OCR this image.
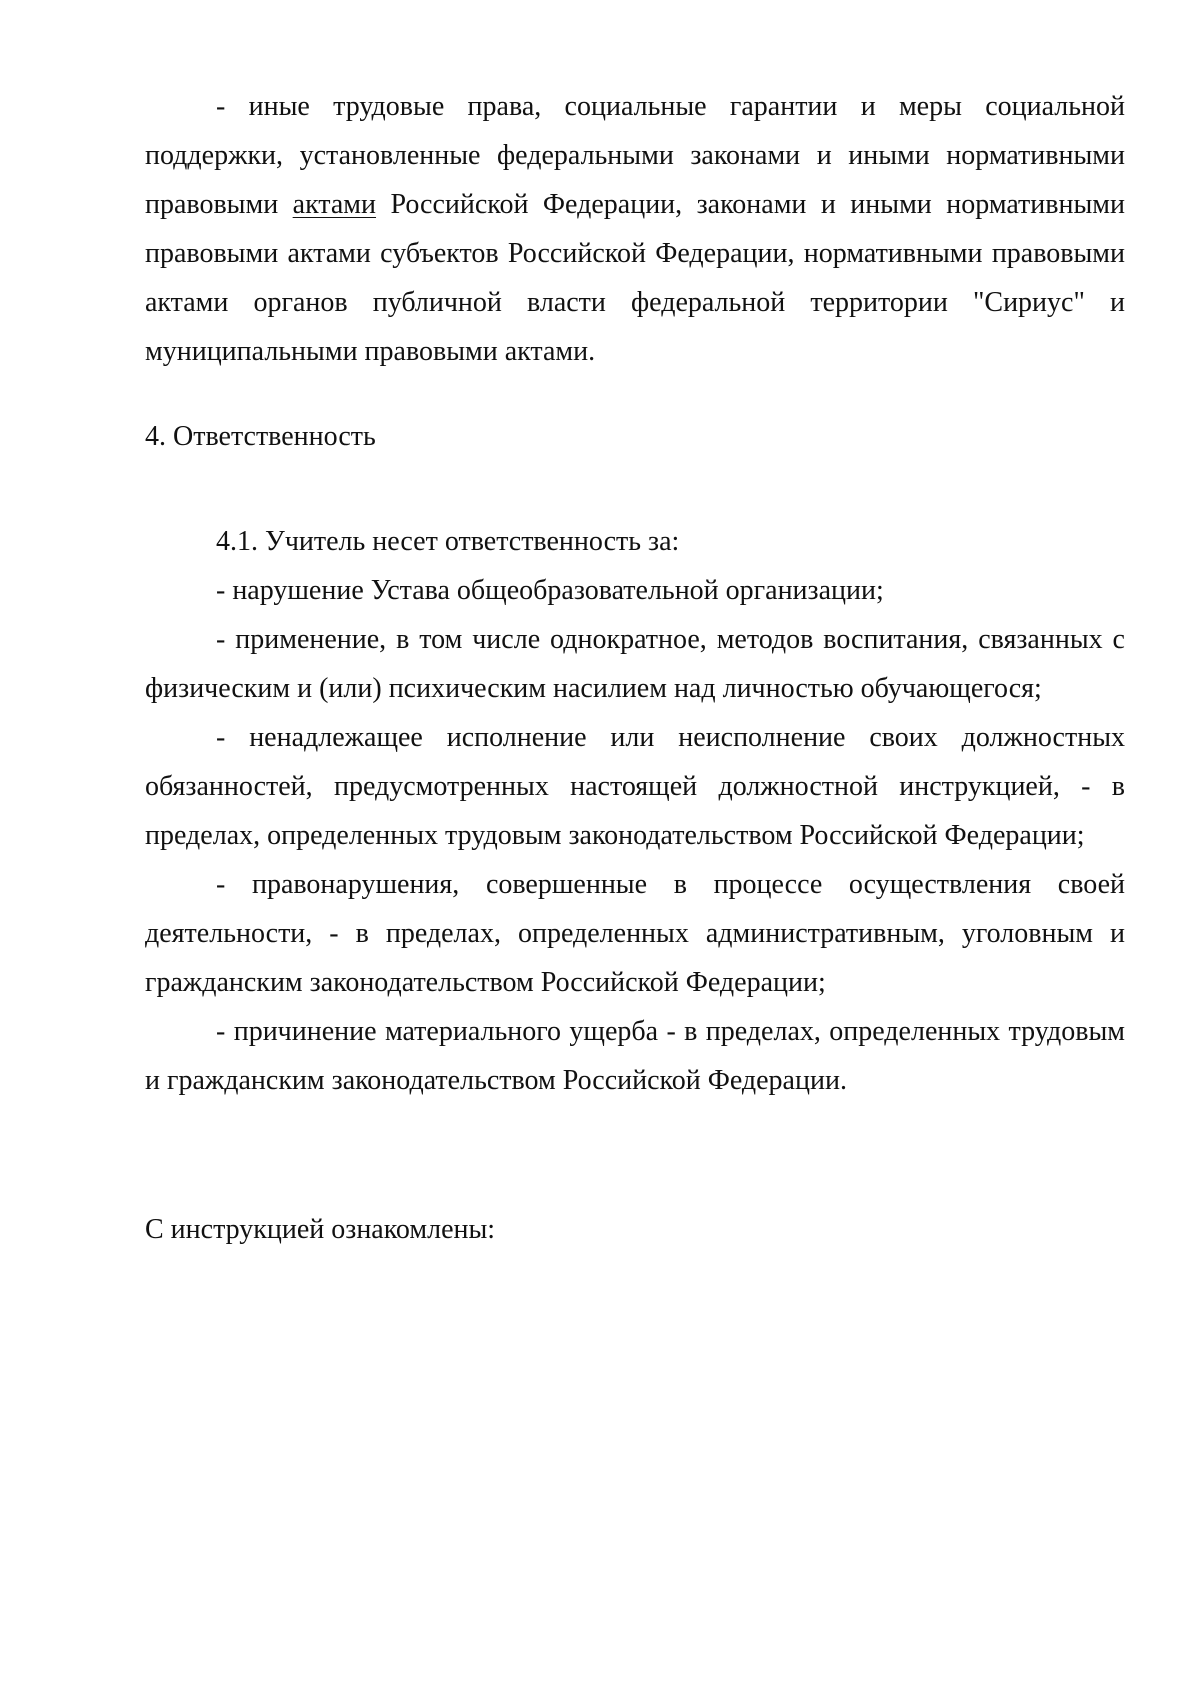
- иные трудовые права, социальные гарантии и меры социальной поддержки, установленные федеральными законами и иными нормативными правовыми актами Российской Федерации, законами и иными нормативными правовыми актами субъектов Российской Федерации, нормативными правовыми актами органов публичной власти федеральной территории "Сириус" и муниципальными правовыми актами.

4. Ответственность

4.1. Учитель несет ответственность за:

- нарушение Устава общеобразовательной организации;

- применение, в том числе однократное, методов воспитания, связанных с физическим и (или) психическим насилием над личностью обучающегося;

- ненадлежащее исполнение или неисполнение своих должностных обязанностей, предусмотренных настоящей должностной инструкцией, - в пределах, определенных трудовым законодательством Российской Федерации;

- правонарушения, совершенные в процессе осуществления своей деятельности, - в пределах, определенных административным, уголовным и гражданским законодательством Российской Федерации;

- причинение материального ущерба - в пределах, определенных трудовым и гражданским законодательством Российской Федерации.

С инструкцией ознакомлены:
